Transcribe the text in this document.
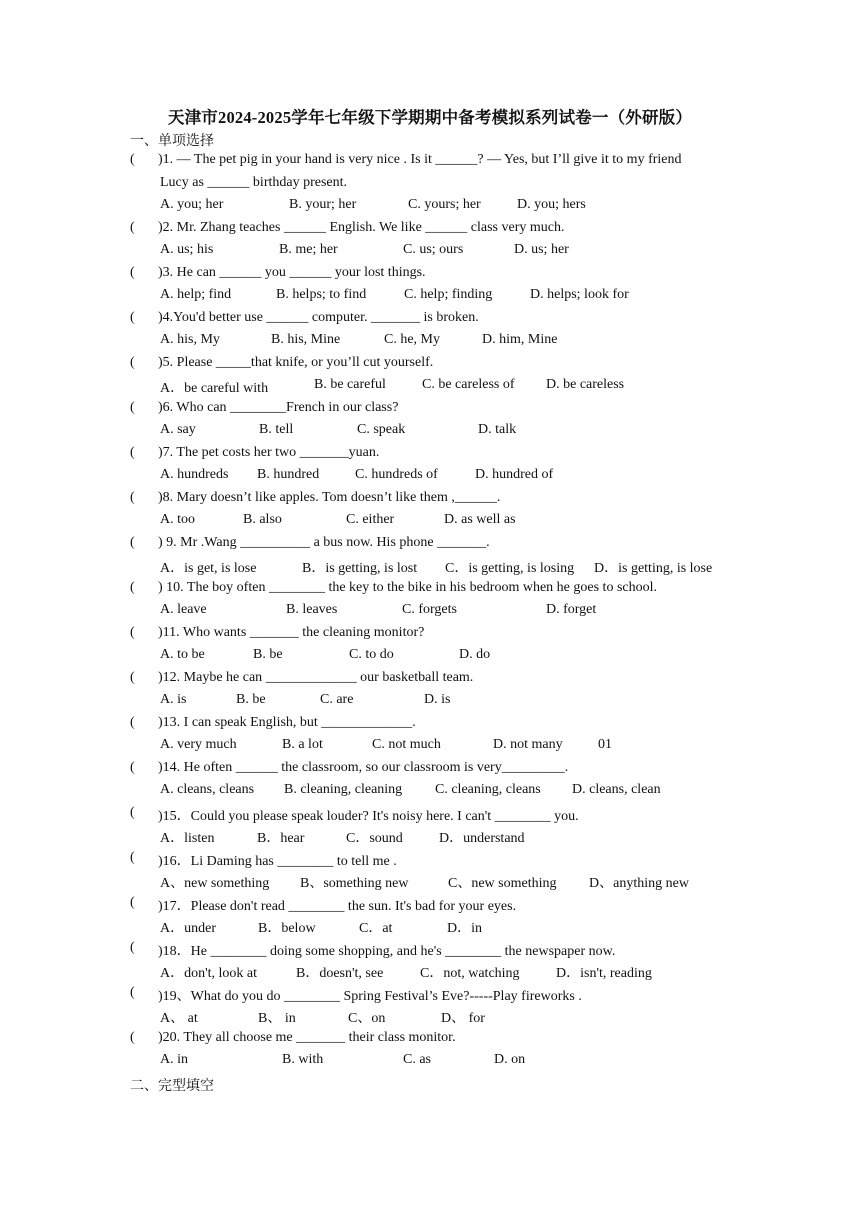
天津市2024-2025学年七年级下学期期中备考模拟系列试卷一（外研版）
一、单项选择
( )1. — The pet pig in your hand is very nice . Is it ______? — Yes, but I’ll give it to my friend
Lucy as ______ birthday present.
A. you; her	B. your; her	C. yours; her	D. you; hers
( )2. Mr. Zhang teaches ______ English. We like ______ class very much.
A. us; his	B. me; her	C. us; ours	D. us; her
( )3. He can ______ you ______ your lost things.
A. help; find	B. helps; to find	C. help; finding	D. helps; look for
( )4.You'd better use ______ computer. _______ is broken.
A. his, My	B. his, Mine	C. he, My	D. him, Mine
( )5. Please _____that knife, or you’ll cut yourself.
A．be careful with	B. be careful	C. be careless of D. be careless
( )6. Who can ________French in our class?
A. say	B. tell	C. speak	D. talk
( )7. The pet costs her two _______yuan.
A. hundreds B. hundred	C. hundreds of	D. hundred of
( )8. Mary doesn’t like apples. Tom doesn’t like them ,______.
A. too	B. also	C. either	D. as well as
( ) 9. Mr .Wang __________ a bus now. His phone _______.
A．is get, is lose	B．is getting, is lost C．is getting, is losing D．is getting, is lose
( ) 10. The boy often ________ the key to the bike in his bedroom when he goes to school.
A. leave	B. leaves	C. forgets	D. forget
( )11. Who wants _______ the cleaning monitor?
A. to be	B. be	C. to do	D. do
( )12. Maybe he can _____________ our basketball team.
A. is	B. be	C. are	D. is
( )13. I can speak English, but _____________.
A. very much	B. a lot	C. not much	D. not many	01
( )14. He often ______ the classroom, so our classroom is very_________.
A. cleans, cleans B. cleaning, cleaning C. cleaning, cleans D. cleans, clean
( )15．Could you please speak louder? It's noisy here. I can't ________ you.
A．listen	B．hear	C．sound	D．understand
( )16．Li Daming has ________ to tell me .
A、new something B、something new	C、new something D、anything new
( )17．Please don't read ________ the sun. It's bad for your eyes.
A．under	B．below	C．at	D．in
( )18．He ________ doing some shopping, and he's ________ the newspaper now.
A．don't, look at	B．doesn't, see	C．not, watching	D．isn't, reading
( )19、What do you do ________ Spring Festival’s Eve?-----Play fireworks .
A、 at	B、 in	C、on	D、 for
( )20. They all choose me _______ their class monitor.
A. in	B. with	C. as	D. on
二、完型填空
